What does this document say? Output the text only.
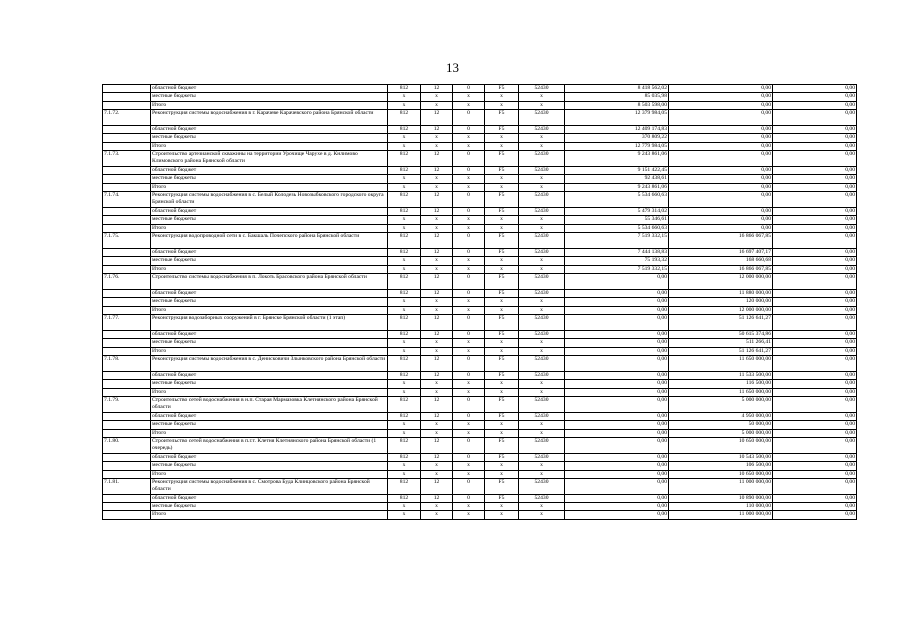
13
	областной бюджет	812	12	0	F5	52430	8 418 562,02	0,00	0,00
	местные бюджеты	x	x	x	x	x	85 035,98	0,00	0,00
	Итого	x	x	x	x	x	8 503 598,00	0,00	0,00
7.1.72.	Реконструкция системы водоснабжения в г. Карачеве Карачевского района Брянской области	812	12	0	F5	52430	12 379 984,05	0,00	0,00
	областной бюджет	812	12	0	F5	52430	12 409 174,83	0,00	0,00
	местные бюджеты	x	x	x	x	x	370 809,22	0,00	0,00
	Итого	x	x	x	x	x	12 779 984,05	0,00	0,00
7.1.73.	Строительство артезианской скважины на территории Урочище Чарухе в д. Кнлимово Климовского района Брянской области	812	12	0	F5	52430	9 243 861,06	0,00	0,00
	областной бюджет	812	12	0	F5	52430	9 151 422,45	0,00	0,00
	местные бюджеты	x	x	x	x	x	92 438,61	0,00	0,00
	Итого	x	x	x	x	x	9 243 861,06	0,00	0,00
7.1.74.	Реконструкция системы водоснабжения в с. Белый Колодезь Новозыбковского городского округа Брянской области	812	12	0	F5	52430	5 534 660,63	0,00	0,00
	областной бюджет	812	12	0	F5	52430	5 479 314,02	0,00	0,00
	местные бюджеты	x	x	x	x	x	55 346,61	0,00	0,00
	Итого	x	x	x	x	x	5 534 660,63	0,00	0,00
7.1.75.	Реконструкция водопроводной сети в с. Бакшаль Почепского района Брянской области	812	12	0	F5	52430	7 519 332,15	16 866 067,85	0,00
	областной бюджет	812	12	0	F5	52430	7 444 138,83	16 697 407,17	0,00
	местные бюджеты	x	x	x	x	x	75 193,32	168 660,68	0,00
	Итого	x	x	x	x	x	7 519 332,15	16 866 067,85	0,00
7.1.76.	Строительство системы водоснабжения в п. Локоть Брасовского района Брянской области	812	12	0	F5	52430	0,00	12 000 000,00	0,00
	областной бюджет	812	12	0	F5	52430	0,00	11 880 000,00	0,00
	местные бюджеты	x	x	x	x	x	0,00	120 000,00	0,00
	Итого	x	x	x	x	x	0,00	12 000 000,00	0,00
7.1.77.	Реконструкция водозаборных сооружений в г. Брянске Брянской области (1 этап)	812	12	0	F5	52430	0,00	51 126 641,27	0,00
	областной бюджет	812	12	0	F5	52430	0,00	50 615 374,86	0,00
	местные бюджеты	x	x	x	x	x	0,00	511 266,41	0,00
	Итого	x	x	x	x	x	0,00	51 126 641,27	0,00
7.1.78.	Реконструкция системы водоснабжения в с. Денисковичи Злынковского района Брянской области	812	12	0	F5	52430	0,00	11 650 000,00	0,00
	областной бюджет	812	12	0	F5	52430	0,00	11 533 500,00	0,00
	местные бюджеты	x	x	x	x	x	0,00	116 500,00	0,00
	Итого	x	x	x	x	x	0,00	11 650 000,00	0,00
7.1.79.	Строительство сетей водоснабжения в н.п. Старая Мармазовка Клетнянского района Брянской области	812	12	0	F5	52430	0,00	5 000 000,00	0,00
	областной бюджет	812	12	0	F5	52430	0,00	4 950 000,00	0,00
	местные бюджеты	x	x	x	x	x	0,00	50 000,00	0,00
	Итого	x	x	x	x	x	0,00	5 000 000,00	0,00
7.1.80.	Строительство сетей водоснабжения в п.г.т. Клетня Клетнянского района Брянской области (1 очередь)	812	12	0	F5	52430	0,00	10 650 000,00	0,00
	областной бюджет	812	12	0	F5	52430	0,00	10 543 500,00	0,00
	местные бюджеты	x	x	x	x	x	0,00	106 500,00	0,00
	Итого	x	x	x	x	x	0,00	10 650 000,00	0,00
7.1.81.	Реконструкция системы водоснабжения в с. Смотрова Буда Клинцовского района Брянской области	812	12	0	F5	52430	0,00	11 000 000,00	0,00
	областной бюджет	812	12	0	F5	52430	0,00	10 890 000,00	0,00
	местные бюджеты	x	x	x	x	x	0,00	110 000,00	0,00
	Итого	x	x	x	x	x	0,00	11 000 000,00	0,00
